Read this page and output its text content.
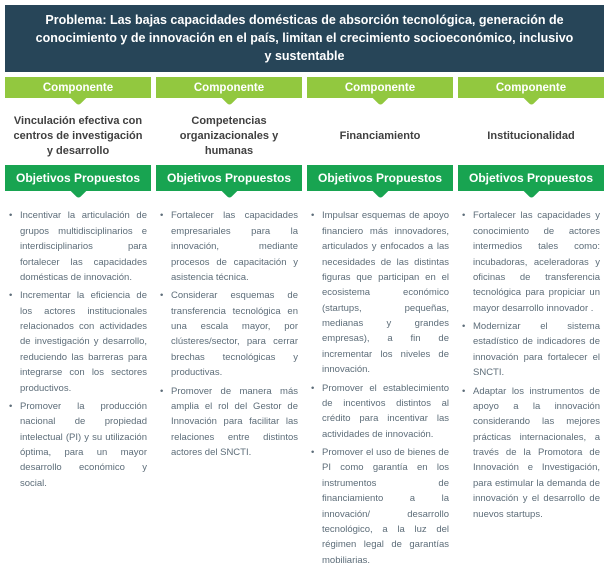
Problema: Las bajas capacidades domésticas de absorción tecnológica, generación de conocimiento y de innovación en el país, limitan el crecimiento socioeconómico, inclusivo y sustentable
Componente
Vinculación efectiva con centros de investigación y desarrollo
Componente
Competencias organizacionales y humanas
Componente
Financiamiento
Componente
Institucionalidad
Objetivos Propuestos
• Incentivar la articulación de grupos multidisciplinarios e interdisciplinarios para fortalecer las capacidades domésticas de innovación.
• Incrementar la eficiencia de los actores institucionales relacionados con actividades de investigación y desarrollo, reduciendo las barreras para integrarse con los sectores productivos.
• Promover la producción nacional de propiedad intelectual (PI) y su utilización óptima, para un mayor desarrollo económico y social.
Objetivos Propuestos
• Fortalecer las capacidades empresariales para la innovación, mediante procesos de capacitación y asistencia técnica.
• Considerar esquemas de transferencia tecnológica en una escala mayor, por clústeres/sector, para cerrar brechas tecnológicas y productivas.
• Promover de manera más amplia el rol del Gestor de Innovación para facilitar las relaciones entre distintos actores del SNCTI.
Objetivos Propuestos
• Impulsar esquemas de apoyo financiero más innovadores, articulados y enfocados a las necesidades de las distintas figuras que participan en el ecosistema económico (startups, pequeñas, medianas y grandes empresas), a fin de incrementar los niveles de innovación.
• Promover el establecimiento de incentivos distintos al crédito para incentivar las actividades de innovación.
• Promover el uso de bienes de PI como garantía en los instrumentos de financiamiento a la innovación/ desarrollo tecnológico, a la luz del régimen legal de garantías mobiliarias.
Objetivos Propuestos
• Fortalecer las capacidades y conocimiento de actores intermedios tales como: incubadoras, aceleradoras y oficinas de transferencia tecnológica para propiciar un mayor desarrollo innovador .
• Modernizar el sistema estadístico de indicadores de innovación para fortalecer el SNCTI.
• Adaptar los instrumentos de apoyo a la innovación considerando las mejores prácticas internacionales, a través de la Promotora de Innovación e Investigación, para estimular la demanda de innovación y el desarrollo de nuevos startups.
